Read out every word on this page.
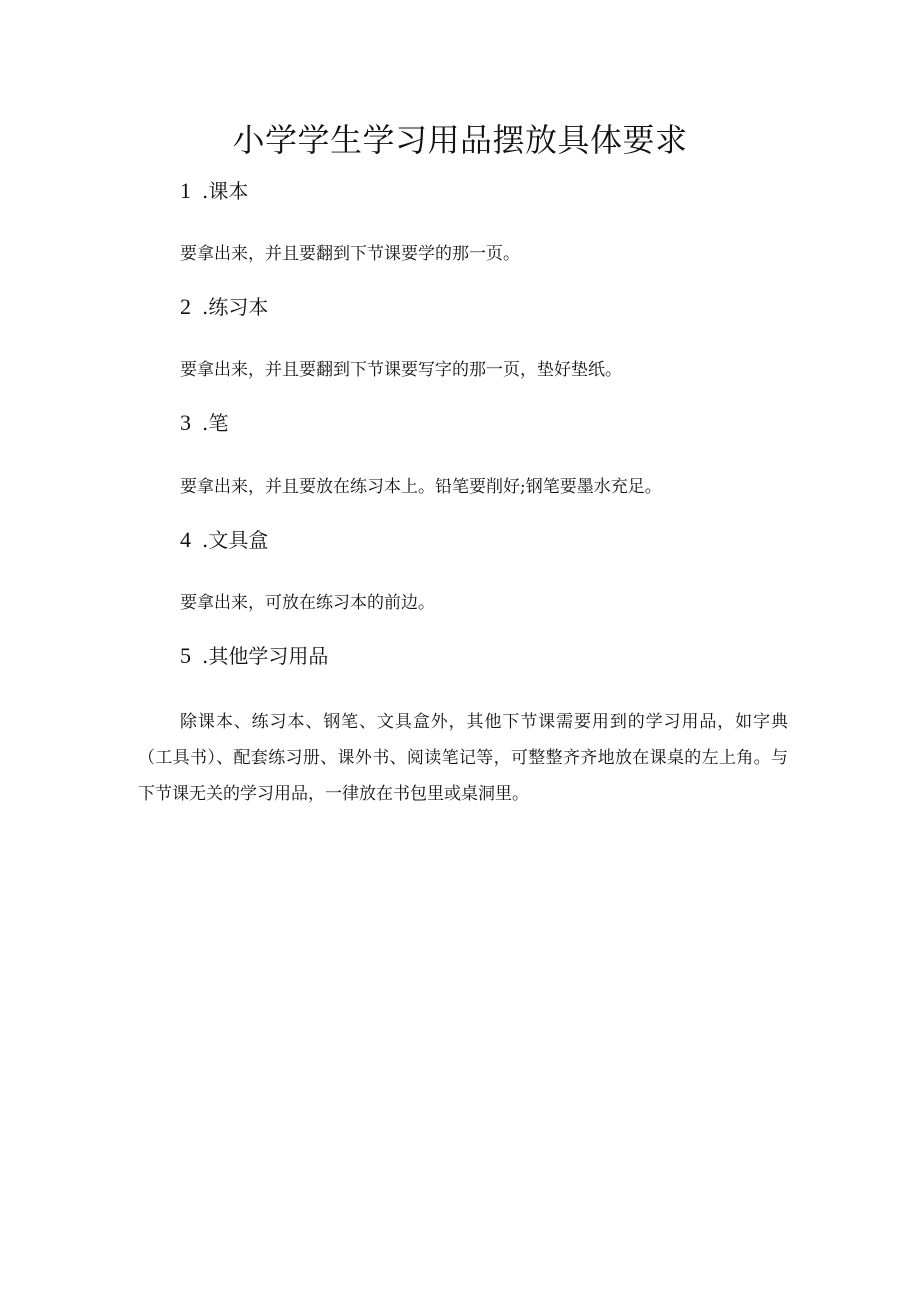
小学学生学习用品摆放具体要求
1 .课本

要拿出来，并且要翻到下节课要学的那一页。

2 .练习本

要拿出来，并且要翻到下节课要写字的那一页，垫好垫纸。

3 .笔

要拿出来，并且要放在练习本上。铅笔要削好;钢笔要墨水充足。

4 .文具盒

要拿出来，可放在练习本的前边。

5 .其他学习用品

除课本、练习本、钢笔、文具盒外，其他下节课需要用到的学习用品，如字典（工具书）、配套练习册、课外书、阅读笔记等，可整整齐齐地放在课桌的左上角。与下节课无关的学习用品，一律放在书包里或桌洞里。
